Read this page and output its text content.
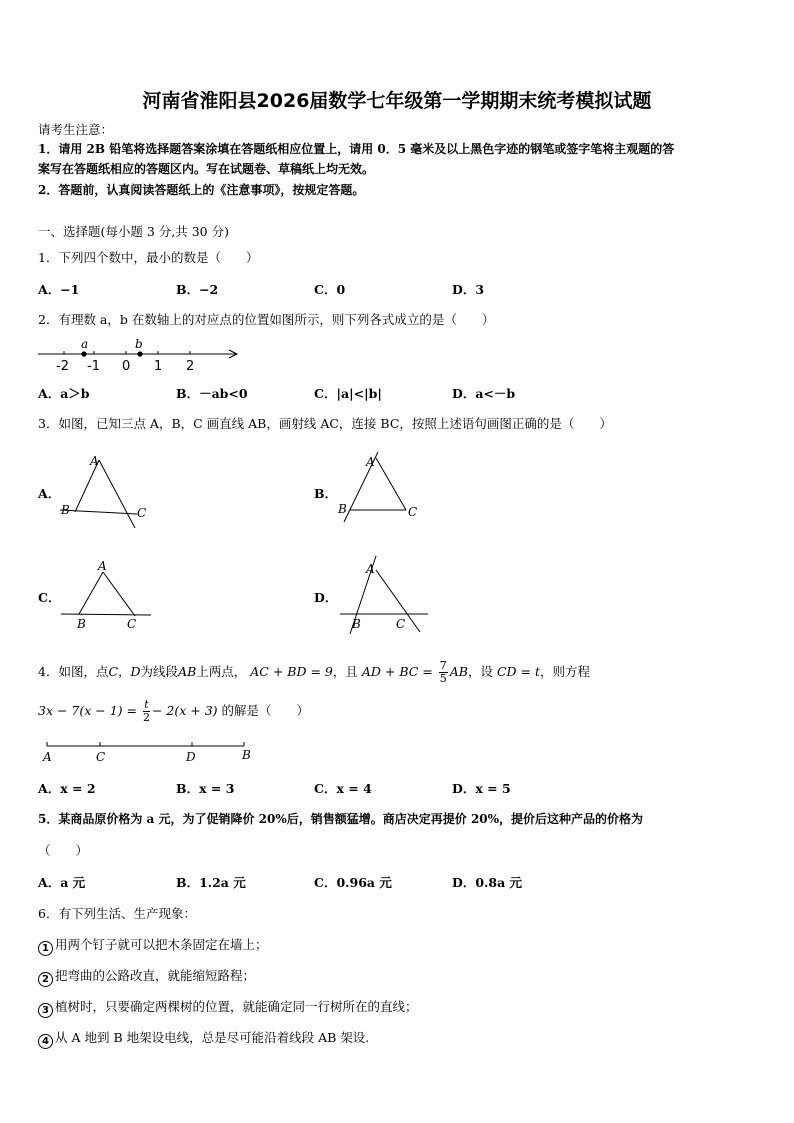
河南省淮阳县2026届数学七年级第一学期期末统考模拟试题
请考生注意：
1．请用 2B 铅笔将选择题答案涂填在答题纸相应位置上，请用 0．5 毫米及以上黑色字迹的钢笔或签字笔将主观题的答
案写在答题纸相应的答题区内。写在试题卷、草稿纸上均无效。
2．答题前，认真阅读答题纸上的《注意事项》，按规定答题。
一、选择题(每小题 3 分,共 30 分)
1．下列四个数中，最小的数是（　　）
A．−1	B．−2	C．0	D．3
2．有理数 a，b 在数轴上的对应点的位置如图所示，则下列各式成立的是（　　）
a	b
-2 -1 0 1 2
A．a＞b	B．－ab<0	C．|a|<|b|	D．a<－b
3．如图，已知三点 A，B，C 画直线 AB，画射线 AC，连接 BC，按照上述语句画图正确的是（　　）
A．
A
B	C
B．
A
B	C
C．
A
B	C
D．
A
B	C
4．如图，点C，D为线段AB上两点， AC + BD = 9，且 AD + BC = $\frac{7}{5}$ AB，设 CD = t，则方程
$3x - 7(x - 1) = \frac{t}{2} - 2(x + 3)$ 的解是（　　）
A	C	D	B
A．x = 2	B．x = 3	C．x = 4	D．x = 5
5．某商品原价格为 a 元，为了促销降价 20%后，销售额猛增。商店决定再提价 20%，提价后这种产品的价格为
（　　）
A．a 元	B．1.2a 元	C．0.96a 元	D．0.8a 元
6．有下列生活、生产现象：
1 用两个钉子就可以把木条固定在墙上；
2 把弯曲的公路改直，就能缩短路程；
3 植树时，只要确定两棵树的位置，就能确定同一行树所在的直线；
4 从 A 地到 B 地架设电线，总是尽可能沿着线段 AB 架设.
